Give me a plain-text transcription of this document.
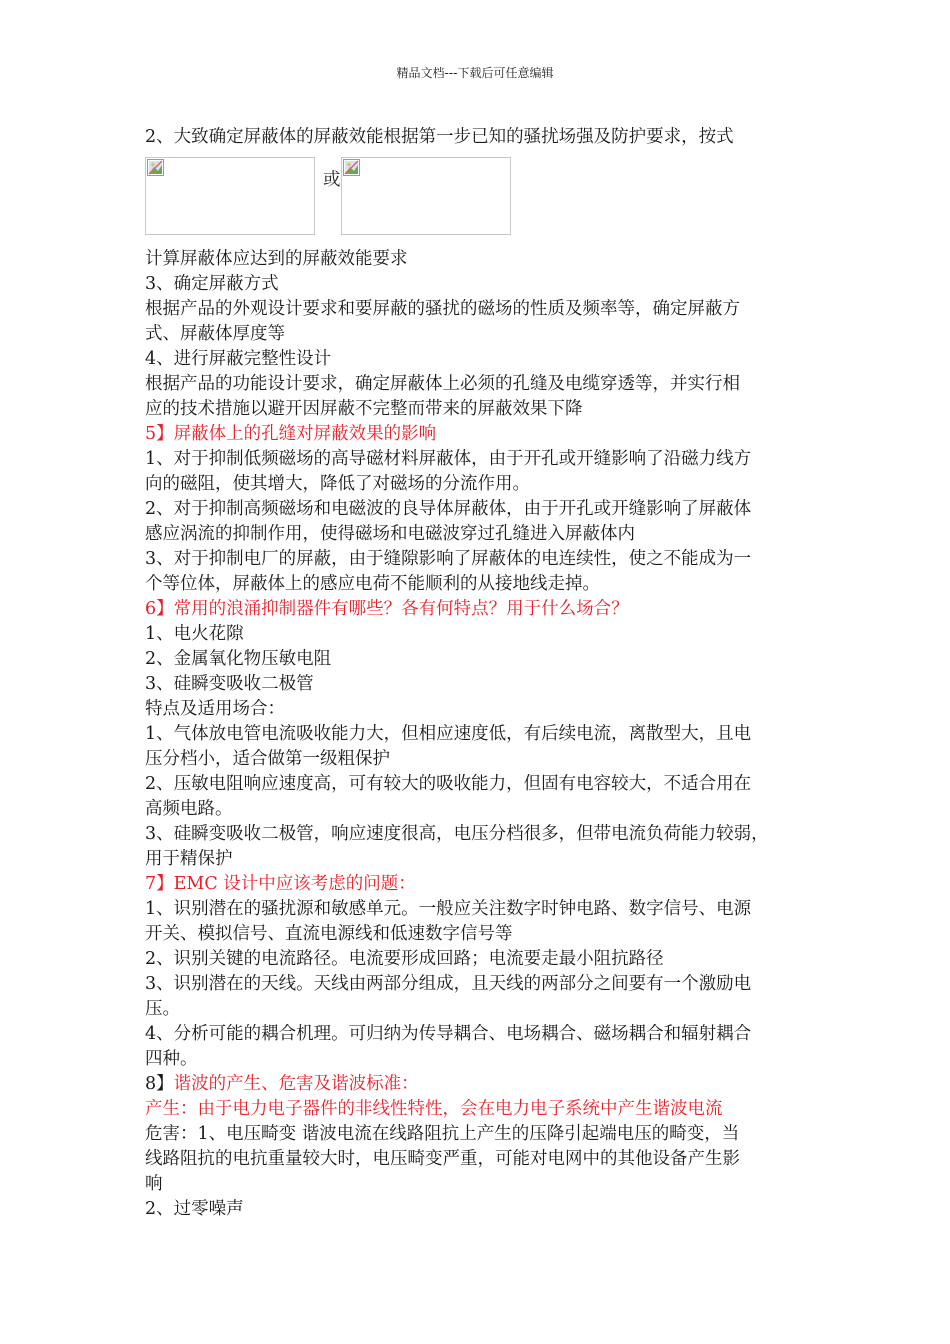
精品文档---下载后可任意编辑
2、大致确定屏蔽体的屏蔽效能根据第一步已知的骚扰场强及防护要求，按式
或
计算屏蔽体应达到的屏蔽效能要求
3、确定屏蔽方式
根据产品的外观设计要求和要屏蔽的骚扰的磁场的性质及频率等，确定屏蔽方
式、屏蔽体厚度等
4、进行屏蔽完整性设计
根据产品的功能设计要求，确定屏蔽体上必须的孔缝及电缆穿透等，并实行相
应的技术措施以避开因屏蔽不完整而带来的屏蔽效果下降
5】屏蔽体上的孔缝对屏蔽效果的影响
1、对于抑制低频磁场的高导磁材料屏蔽体，由于开孔或开缝影响了沿磁力线方
向的磁阻，使其增大，降低了对磁场的分流作用。
2、对于抑制高频磁场和电磁波的良导体屏蔽体，由于开孔或开缝影响了屏蔽体
感应涡流的抑制作用，使得磁场和电磁波穿过孔缝进入屏蔽体内
3、对于抑制电厂的屏蔽，由于缝隙影响了屏蔽体的电连续性，使之不能成为一
个等位体，屏蔽体上的感应电荷不能顺利的从接地线走掉。
6】常用的浪涌抑制器件有哪些？各有何特点？用于什么场合？
1、电火花隙
2、金属氧化物压敏电阻
3、硅瞬变吸收二极管
特点及适用场合：
1、气体放电管电流吸收能力大，但相应速度低，有后续电流，离散型大，且电
压分档小，适合做第一级粗保护
2、压敏电阻响应速度高，可有较大的吸收能力，但固有电容较大，不适合用在
高频电路。
3、硅瞬变吸收二极管，响应速度很高，电压分档很多，但带电流负荷能力较弱，
用于精保护
7】EMC 设计中应该考虑的问题：
1、识别潜在的骚扰源和敏感单元。一般应关注数字时钟电路、数字信号、电源
开关、模拟信号、直流电源线和低速数字信号等
2、识别关键的电流路径。电流要形成回路；电流要走最小阻抗路径
3、识别潜在的天线。天线由两部分组成，且天线的两部分之间要有一个激励电
压。
4、分析可能的耦合机理。可归纳为传导耦合、电场耦合、磁场耦合和辐射耦合
四种。
8】谐波的产生、危害及谐波标准：
产生：由于电力电子器件的非线性特性，会在电力电子系统中产生谐波电流
危害：1、电压畸变 谐波电流在线路阻抗上产生的压降引起端电压的畸变，当
线路阻抗的电抗重量较大时，电压畸变严重，可能对电网中的其他设备产生影
响
2、过零噪声
